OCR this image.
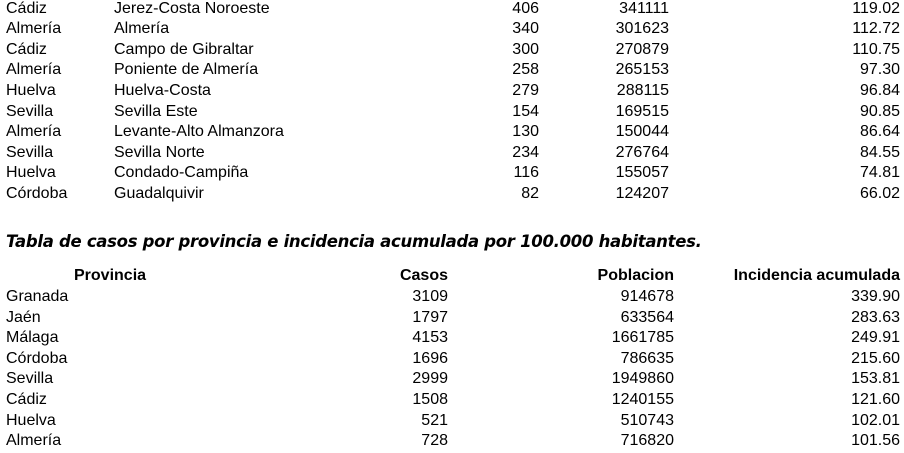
Cádiz	Jerez-Costa Noroeste	406	341111	119.02
Almería	Almería	340	301623	112.72
Cádiz	Campo de Gibraltar	300	270879	110.75
Almería	Poniente de Almería	258	265153	97.30
Huelva	Huelva-Costa	279	288115	96.84
Sevilla	Sevilla Este	154	169515	90.85
Almería	Levante-Alto Almanzora	130	150044	86.64
Sevilla	Sevilla Norte	234	276764	84.55
Huelva	Condado-Campiña	116	155057	74.81
Córdoba	Guadalquivir	82	124207	66.02
Tabla de casos por provincia e incidencia acumulada por 100.000 habitantes.
Provincia	Casos	Poblacion	Incidencia acumulada
Granada	3109	914678	339.90
Jaén	1797	633564	283.63
Málaga	4153	1661785	249.91
Córdoba	1696	786635	215.60
Sevilla	2999	1949860	153.81
Cádiz	1508	1240155	121.60
Huelva	521	510743	102.01
Almería	728	716820	101.56
